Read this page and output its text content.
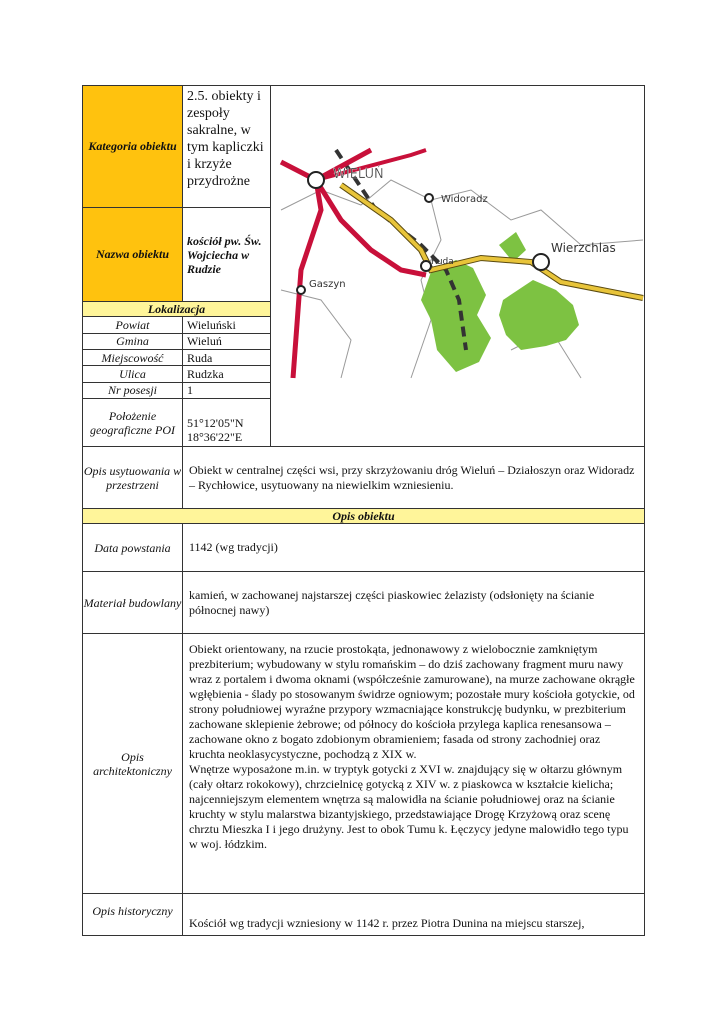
Kategoria obiektu	2.5. obiekty i zespoły sakralne, w tym kapliczki i krzyże przydrożne	WIELUŃ
Widoradz
Wierzchlas
Ruda
Gaszyn

Nazwa obiektu	kościół pw. Św. Wojciecha w Rudzie	
Lokalizacja		
Powiat	Wieluński	
Gmina	Wieluń	
Miejscowość	Ruda	
Ulica	Rudzka	
Nr posesji	1	
Położenie geograficzne POI	51°12'05"N
18°36'22"E	

Opis usytuowania w przestrzeni	Obiekt w centralnej części wsi, przy skrzyżowaniu dróg Wieluń – Działoszyn oraz Widoradz – Rychłowice, usytuowany na niewielkim wzniesieniu.	
Opis obiektu		
Data powstania	1142 (wg tradycji)	
Materiał budowlany	kamień, w zachowanej najstarszej części piaskowiec żelazisty (odsłonięty na ścianie północnej nawy)	
Opis architektoniczny	Obiekt orientowany, na rzucie prostokąta, jednonawowy z wielobocznie zamkniętym prezbiterium; wybudowany w stylu romańskim – do dziś zachowany fragment muru nawy wraz z portalem i dwoma oknami (współcześnie zamurowane), na murze zachowane okrągłe wgłębienia - ślady po stosowanym świdrze ogniowym; pozostałe mury kościoła gotyckie, od strony południowej wyraźne przypory wzmacniające konstrukcję budynku, w prezbiterium zachowane sklepienie żebrowe; od północy do kościoła przylega kaplica renesansowa – zachowane okno z bogato zdobionym obramieniem; fasada od strony zachodniej oraz kruchta neoklasycystyczne, pochodzą z XIX w.
Wnętrze wyposażone m.in. w tryptyk gotycki z XVI w. znajdujący się w ołtarzu głównym (cały ołtarz rokokowy), chrzcielnicę gotycką z XIV w. z piaskowca w kształcie kielicha; najcenniejszym elementem wnętrza są malowidła na ścianie południowej oraz na ścianie kruchty w stylu malarstwa bizantyjskiego, przedstawiające Drogę Krzyżową oraz scenę chrztu Mieszka I i jego drużyny. Jest to obok Tumu k. Łęczycy jedyne malowidło tego typu w woj. łódzkim.	

Opis historyczny	Kościół wg tradycji wzniesiony w 1142 r. przez Piotra Dunina na miejscu starszej,	
